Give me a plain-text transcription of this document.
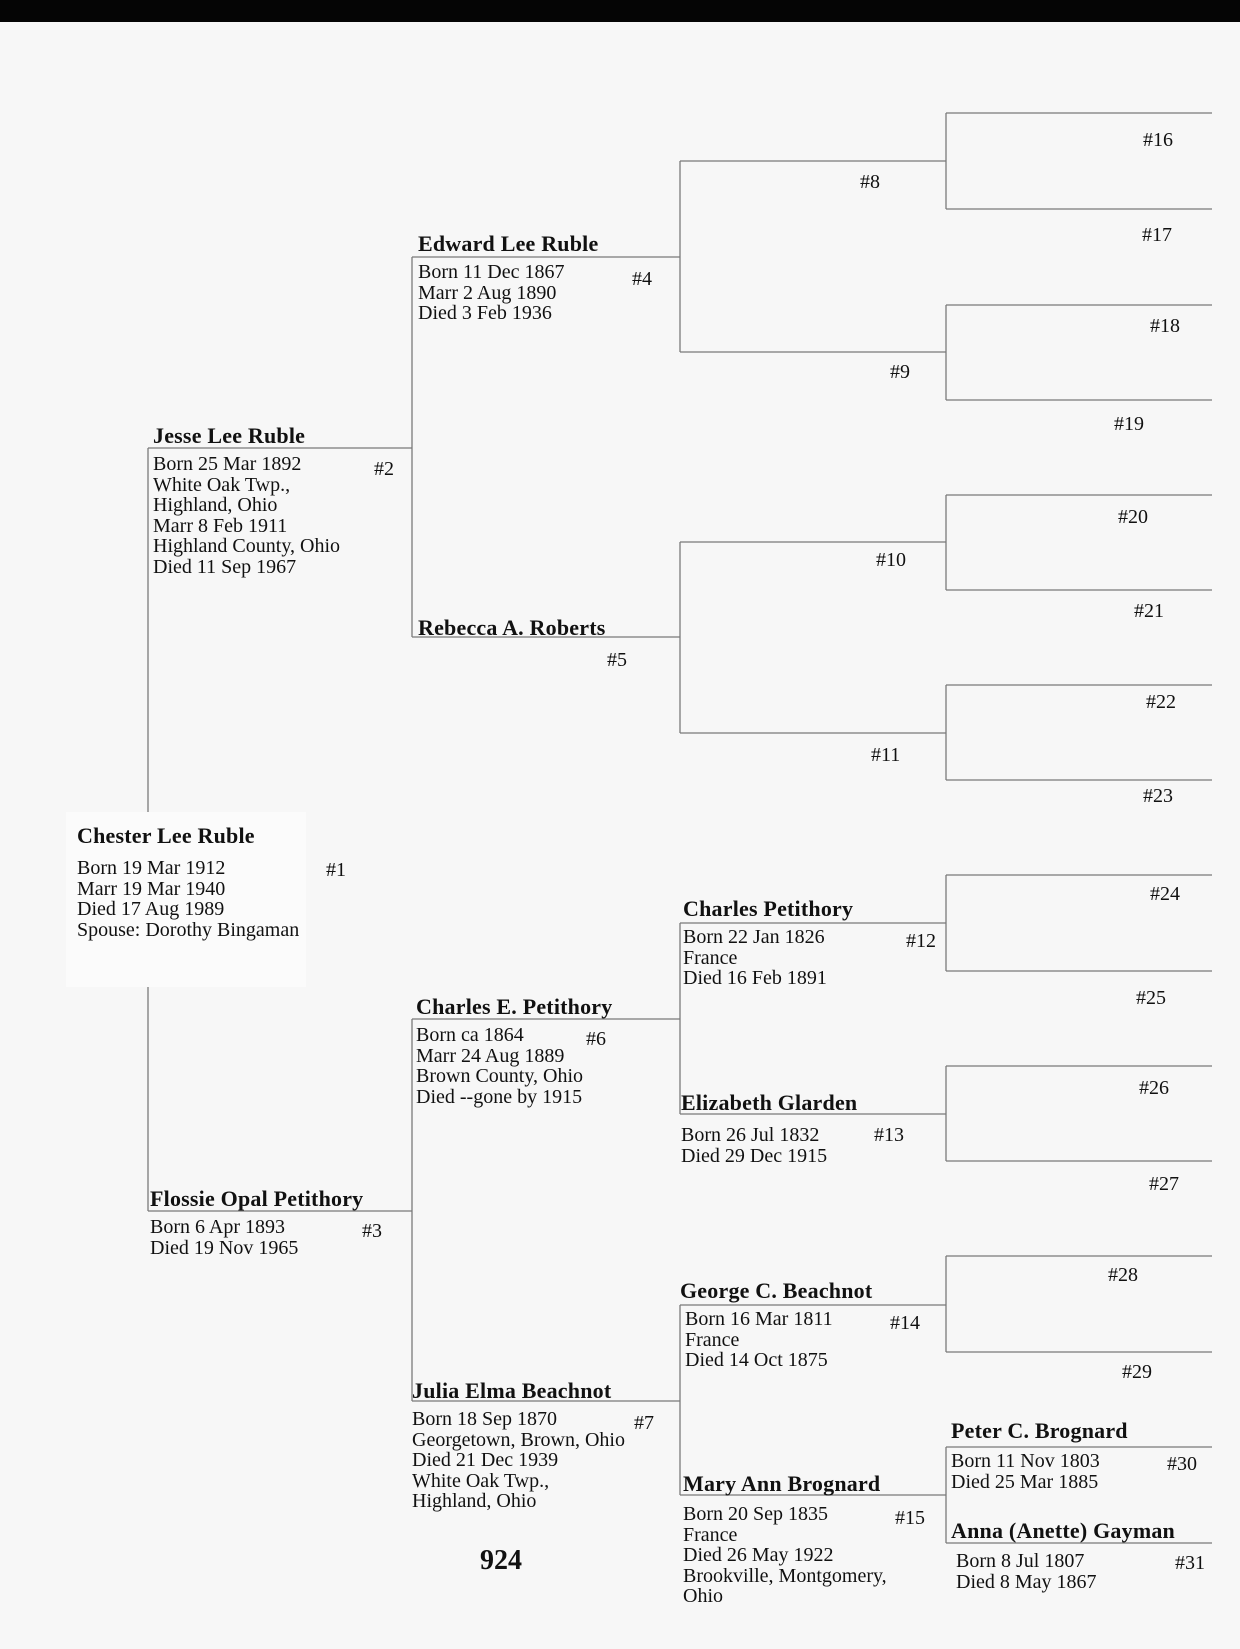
Chester Lee Ruble
Born 19 Mar 1912
Marr 19 Mar 1940
Died 17 Aug 1989
Spouse: Dorothy Bingaman
#1
Jesse Lee Ruble
Born 25 Mar 1892
White Oak Twp.,
Highland, Ohio
Marr 8 Feb 1911
Highland County, Ohio
Died 11 Sep 1967
#2
Flossie Opal Petithory
Born 6 Apr 1893
Died 19 Nov 1965
#3
Edward Lee Ruble
Born 11 Dec 1867
Marr 2 Aug 1890
Died 3 Feb 1936
#4
Rebecca A. Roberts
#5
Charles E. Petithory
Born ca 1864
Marr 24 Aug 1889
Brown County, Ohio
Died --gone by 1915
#6
Julia Elma Beachnot
Born 18 Sep 1870
Georgetown, Brown, Ohio
Died 21 Dec 1939
White Oak Twp.,
Highland, Ohio
#7
Charles Petithory
Born 22 Jan 1826
France
Died 16 Feb 1891
#12
Elizabeth Glarden
Born 26 Jul 1832
Died 29 Dec 1915
#13
George C. Beachnot
Born 16 Mar 1811
France
Died 14 Oct 1875
#14
Mary Ann Brognard
Born 20 Sep 1835
France
Died 26 May 1922
Brookville, Montgomery,
Ohio
#15
Peter C. Brognard
Born 11 Nov 1803
Died 25 Mar 1885
#30
Anna (Anette) Gayman
Born 8 Jul 1807
Died 8 May 1867
#31
#8
#9
#10
#11
#16
#17
#18
#19
#20
#21
#22
#23
#24
#25
#26
#27
#28
#29
924
